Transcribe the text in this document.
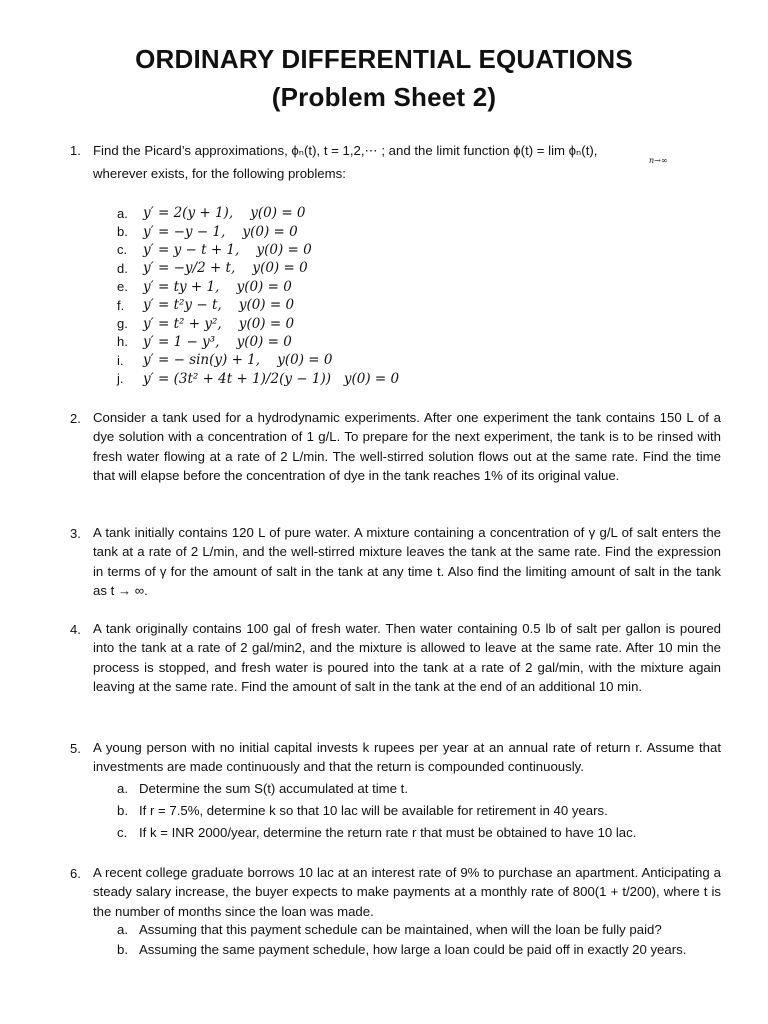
ORDINARY DIFFERENTIAL EQUATIONS
(Problem Sheet 2)
1. Find the Picard’s approximations, ϕₙ(t), t = 1,2,⋯ ; and the limit function ϕ(t) = lim ϕₙ(t),
n→∞
wherever exists, for the following problems:
a.	y′ = 2(y + 1),    y(0) = 0
b.	y′ = −y − 1,    y(0) = 0
c.	y′ = y − t + 1,    y(0) = 0
d.	y′ = −y/2 + t,    y(0) = 0
e.	y′ = ty + 1,    y(0) = 0
f.	y′ = t²y − t,    y(0) = 0
g.	y′ = t² + y²,    y(0) = 0
h.	y′ = 1 − y³,    y(0) = 0
i.	y′ = − sin(y) + 1,    y(0) = 0
j.	y′ = (3t² + 4t + 1)/2(y − 1))   y(0) = 0
2. Consider a tank used for a hydrodynamic experiments. After one experiment the tank contains 150 L of a dye solution with a concentration of 1 g/L. To prepare for the next experiment, the tank is to be rinsed with fresh water flowing at a rate of 2 L/min. The well-stirred solution flows out at the same rate. Find the time that will elapse before the concentration of dye in the tank reaches 1% of its original value.
3. A tank initially contains 120 L of pure water. A mixture containing a concentration of γ g/L of salt enters the tank at a rate of 2 L/min, and the well-stirred mixture leaves the tank at the same rate. Find the expression in terms of γ for the amount of salt in the tank at any time t. Also find the limiting amount of salt in the tank as t → ∞.
4. A tank originally contains 100 gal of fresh water. Then water containing 0.5 lb of salt per gallon is poured into the tank at a rate of 2 gal/min2, and the mixture is allowed to leave at the same rate. After 10 min the process is stopped, and fresh water is poured into the tank at a rate of 2 gal/min, with the mixture again leaving at the same rate. Find the amount of salt in the tank at the end of an additional 10 min.
5. A young person with no initial capital invests k rupees per year at an annual rate of return r. Assume that investments are made continuously and that the return is compounded continuously.
a. Determine the sum S(t) accumulated at time t.
b. If r = 7.5%, determine k so that 10 lac will be available for retirement in 40 years.
c. If k = INR 2000/year, determine the return rate r that must be obtained to have 10 lac.
6. A recent college graduate borrows 10 lac at an interest rate of 9% to purchase an apartment. Anticipating a steady salary increase, the buyer expects to make payments at a monthly rate of 800(1 + t/200), where t is the number of months since the loan was made.
a. Assuming that this payment schedule can be maintained, when will the loan be fully paid?
b. Assuming the same payment schedule, how large a loan could be paid off in exactly 20 years.
